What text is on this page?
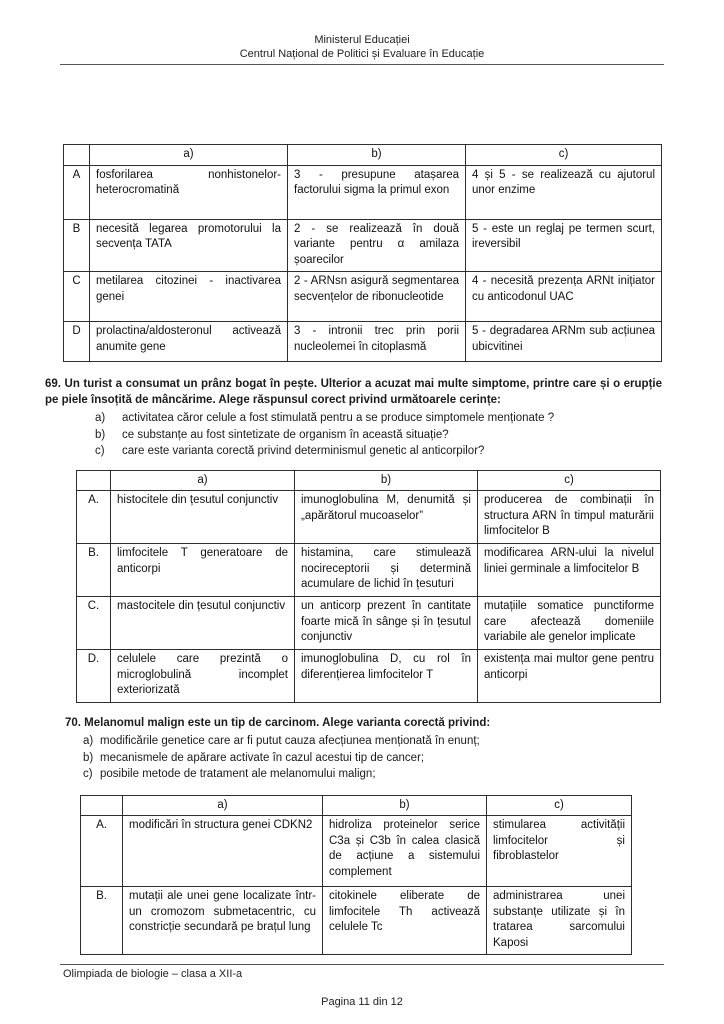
Ministerul Educației
Centrul Național de Politici și Evaluare în Educație
	a)	b)	c)
A	fosforilarea nonhistonelor-heterocromatină	3 - presupune atașarea factorului sigma la primul exon	4 și 5 - se realizează cu ajutorul unor enzime
B	necesită legarea promotorului la secvența TATA	2 - se realizează în două variante pentru α amilaza șoarecilor	5 - este un reglaj pe termen scurt, ireversibil
C	metilarea citozinei - inactivarea genei	2 - ARNsn asigură segmentarea secvențelor de ribonucleotide	4 - necesită prezența ARNt inițiator cu anticodonul UAC
D	prolactina/aldosteronul activează anumite gene	3 - intronii trec prin porii nucleolemei în citoplasmă	5 - degradarea ARNm sub acțiunea ubicvitinei
69. Un turist a consumat un prânz bogat în pește. Ulterior a acuzat mai multe simptome, printre care și o erupție pe piele însoțită de mâncărime. Alege răspunsul corect privind următoarele cerințe:
a)	activitatea căror celule a fost stimulată pentru a se produce simptomele menționate ?
b)	ce substanțe au fost sintetizate de organism în această situație?
c)	care este varianta corectă privind determinismul genetic al anticorpilor?
	a)	b)	c)
A.	histocitele din țesutul conjunctiv	imunoglobulina M, denumită și „apărătorul mucoaselor”	producerea de combinații în structura ARN în timpul maturării limfocitelor B
B.	limfocitele T generatoare de anticorpi	histamina, care stimulează nocireceptorii și determină acumulare de lichid în țesuturi	modificarea ARN-ului la nivelul liniei germinale a limfocitelor B
C.	mastocitele din țesutul conjunctiv	un anticorp prezent în cantitate foarte mică în sânge și în țesutul conjunctiv	mutațiile somatice punctiforme care afectează domeniile variabile ale genelor implicate
D.	celulele care prezintă o microglobulină incomplet exteriorizată	imunoglobulina D, cu rol în diferențierea limfocitelor T	existența mai multor gene pentru anticorpi
70. Melanomul malign este un tip de carcinom. Alege varianta corectă privind:
a) modificările genetice care ar fi putut cauza afecțiunea menționată în enunț;
b) mecanismele de apărare activate în cazul acestui tip de cancer;
c) posibile metode de tratament ale melanomului malign;
	a)	b)	c)
A.	modificări în structura genei CDKN2	hidroliza proteinelor serice C3a și C3b în calea clasică de acțiune a sistemului complement	stimularea activității limfocitelor și fibroblastelor
B.	mutații ale unei gene localizate într-un cromozom submetacentric, cu constricție secundară pe brațul lung	citokinele eliberate de limfocitele Th activează celulele Tc	administrarea unei substanțe utilizate și în tratarea sarcomului Kaposi
Olimpiada de biologie – clasa a XII-a
Pagina 11 din 12
